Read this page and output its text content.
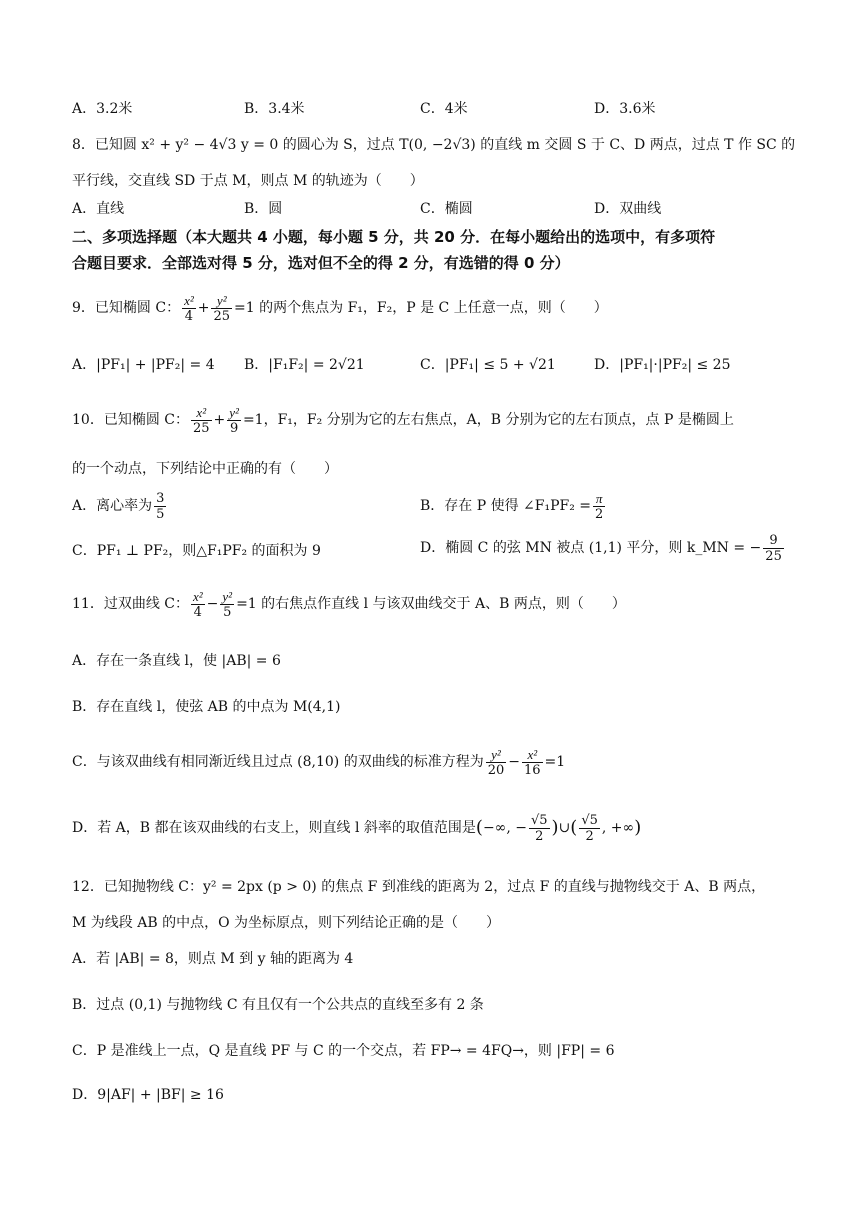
A．3.2米	B．3.4米	C．4米	D．3.6米
8．已知圆 x² + y² − 4√3 y = 0 的圆心为 S，过点 T(0, −2√3) 的直线 m 交圆 S 于 C、D 两点，过点 T 作 SC 的
平行线，交直线 SD 于点 M，则点 M 的轨迹为（　　）
A．直线	B．圆	C．椭圆	D．双曲线
二、多项选择题（本大题共 4 小题，每小题 5 分，共 20 分．在每小题给出的选项中，有多项符
合题目要求．全部选对得 5 分，选对但不全的得 2 分，有选错的得 0 分）
9．已知椭圆 C： $\frac{\text{x²}}{4} + \frac{\text{y²}}{25} =1$ 的两个焦点为 F₁，F₂，P 是 C 上任意一点，则（　　）
A．|PF₁| + |PF₂| = 4 B．|F₁F₂| = 2√21	C．|PF₁| ≤ 5 + √21	D．|PF₁|·|PF₂| ≤ 25
10．已知椭圆 C： $\frac{\text{x²}}{25} + \frac{\text{y²}}{9} =1$，F₁，F₂ 分别为它的左右焦点，A，B 分别为它的左右顶点，点 P 是椭圆上
的一个动点，下列结论中正确的有（　　）
A．离心率为 $\frac{3}{5}$	B．存在 P 使得 ∠F₁PF₂ = $\frac{\pi}{2}$
C．PF₁ ⊥ PF₂，则△F₁PF₂ 的面积为 9	D．椭圆 C 的弦 MN 被点 (1,1) 平分，则 k_MN = − $\frac{9}{25}$
11．过双曲线 C： $\frac{\text{x²}}{4} - \frac{\text{y²}}{5} =1$ 的右焦点作直线 l 与该双曲线交于 A、B 两点，则（　　）
A．存在一条直线 l，使 |AB| = 6
B．存在直线 l，使弦 AB 的中点为 M(4,1)
C．与该双曲线有相同渐近线且过点 (8,10) 的双曲线的标准方程为 $\frac{\text{y²}}{20} - \frac{\text{x²}}{16} =1$
D．若 A，B 都在该双曲线的右支上，则直线 l 斜率的取值范围是(−∞, − $\frac{√5}{2}$ )∪( $\frac{√5}{2}$ , +∞)
12．已知抛物线 C：y² = 2px (p > 0) 的焦点 F 到准线的距离为 2，过点 F 的直线与抛物线交于 A、B 两点，
M 为线段 AB 的中点，O 为坐标原点，则下列结论正确的是（　　）
A．若 |AB| = 8，则点 M 到 y 轴的距离为 4
B．过点 (0,1) 与抛物线 C 有且仅有一个公共点的直线至多有 2 条
C．P 是准线上一点，Q 是直线 PF 与 C 的一个交点，若 FP→ = 4FQ→，则 |FP| = 6
D．9|AF| + |BF| ≥ 16
